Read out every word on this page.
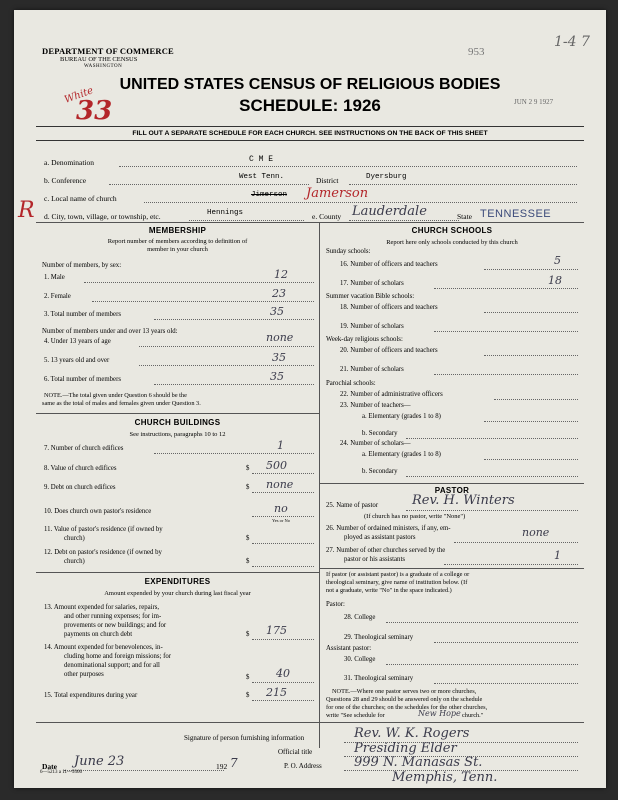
DEPARTMENT OF COMMERCE
BUREAU OF THE CENSUS
WASHINGTON
953
1-4 7
JUN 2 9 1927
UNITED STATES CENSUS OF RELIGIOUS BODIES
SCHEDULE: 1926
White
33
FILL OUT A SEPARATE SCHEDULE FOR EACH CHURCH. SEE INSTRUCTIONS ON THE BACK OF THIS SHEET
R
a. Denomination	C M E
b. Conference	West Tenn.	District	Dyersburg
c. Local name of church	Jimerson Jamerson
d. City, town, village, or township, etc.	Hennings	e. County Lauderdale	State TENNESSEE
MEMBERSHIP
Report number of members according to definition of
member in your church
Number of members, by sex:
1. Male	12
2. Female	23
3. Total number of members	35
Number of members under and over 13 years old:
4. Under 13 years of age	none
5. 13 years old and over	35
6. Total number of members	35
NOTE.—The total given under Question 6 should be the
same as the total of males and females given under Question 3.
CHURCH BUILDINGS
See instructions, paragraphs 10 to 12
7. Number of church edifices	1
8. Value of church edifices	$ 500
9. Debt on church edifices	$ none
10. Does church own pastor's residence	no
Yes or No
11. Value of pastor's residence (if owned by
church)	$
12. Debt on pastor's residence (if owned by
church)	$
EXPENDITURES
Amount expended by your church during last fiscal year
13. Amount expended for salaries, repairs,
and other running expenses; for im-
provements or new buildings; and for
payments on church debt	$ 175
14. Amount expended for benevolences, in-
cluding home and foreign missions; for
denominational support; and for all
other purposes	$ 40
15. Total expenditures during year	$ 215
CHURCH SCHOOLS
Report here only schools conducted by this church
Sunday schools:
16. Number of officers and teachers	5
17. Number of scholars	18
Summer vacation Bible schools:
18. Number of officers and teachers
19. Number of scholars
Week-day religious schools:
20. Number of officers and teachers
21. Number of scholars
Parochial schools:
22. Number of administrative officers
23. Number of teachers—
a. Elementary (grades 1 to 8)
b. Secondary
24. Number of scholars—
a. Elementary (grades 1 to 8)
b. Secondary
PASTOR
25. Name of pastor	Rev. H. Winters
(If church has no pastor, write "None")
26. Number of ordained ministers, if any, em-
ployed as assistant pastors	none
27. Number of other churches served by the
pastor or his assistants	1
If pastor (or assistant pastor) is a graduate of a college or
theological seminary, give name of institution below. (If
not a graduate, write "No" in the space indicated.)
Pastor:
28. College
29. Theological seminary
Assistant pastor:
30. College
31. Theological seminary
NOTE.—Where one pastor serves two or more churches,
Questions 28 and 29 should be answered only on the schedule
for one of the churches; on the schedules for the other churches,
write "See schedule for	New Hope church."
Signature of person furnishing information	Rev. W. K. Rogers
Official title	Presiding Elder
Date June 23	192 7	P. O. Address 999 N. Manasas St.
Memphis, Tenn.
6—5213 a 11—9366
